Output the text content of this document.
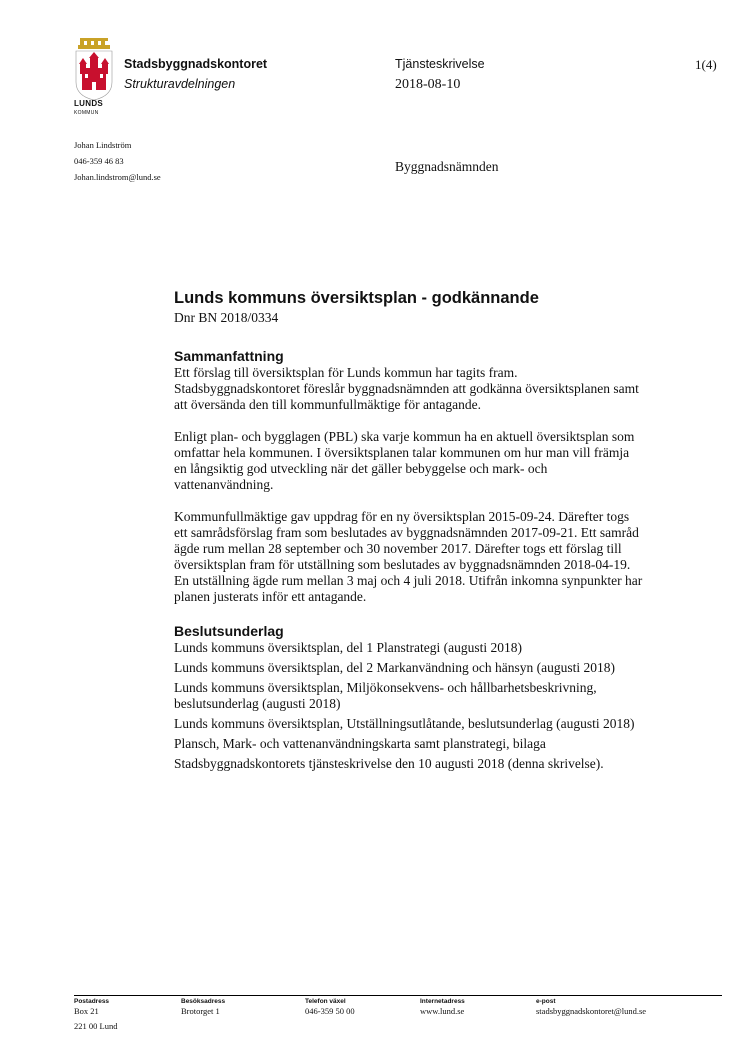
LUNDS
KOMMUN
Stadsbyggnadskontoret
Strukturavdelningen
Tjänsteskrivelse
2018-08-10
1(4)
Johan Lindström
046-359 46 83
Johan.lindstrom@lund.se
Byggnadsnämnden
Lunds kommuns översiktsplan - godkännande

Dnr BN 2018/0334

Sammanfattning

Ett förslag till översiktsplan för Lunds kommun har tagits fram. Stadsbyggnadskontoret föreslår byggnadsnämnden att godkänna översiktsplanen samt att översända den till kommunfullmäktige för antagande.

Enligt plan- och bygglagen (PBL) ska varje kommun ha en aktuell översiktsplan som omfattar hela kommunen. I översiktsplanen talar kommunen om hur man vill främja en långsiktig god utveckling när det gäller bebyggelse och mark- och vattenanvändning.

Kommunfullmäktige gav uppdrag för en ny översiktsplan 2015-09-24. Därefter togs ett samrådsförslag fram som beslutades av byggnadsnämnden 2017-09-21. Ett samråd ägde rum mellan 28 september och 30 november 2017. Därefter togs ett förslag till översiktsplan fram för utställning som beslutades av byggnadsnämnden 2018-04-19. En utställning ägde rum mellan 3 maj och 4 juli 2018. Utifrån inkomna synpunkter har planen justerats inför ett antagande.

Beslutsunderlag

Lunds kommuns översiktsplan, del 1 Planstrategi (augusti 2018)

Lunds kommuns översiktsplan, del 2 Markanvändning och hänsyn (augusti 2018)

Lunds kommuns översiktsplan, Miljökonsekvens- och hållbarhetsbeskrivning, beslutsunderlag (augusti 2018)

Lunds kommuns översiktsplan, Utställningsutlåtande, beslutsunderlag (augusti 2018)

Plansch, Mark- och vattenanvändningskarta samt planstrategi, bilaga

Stadsbyggnadskontorets tjänsteskrivelse den 10 augusti 2018 (denna skrivelse).

Postadress
Box 21
221 00 Lund
Besöksadress
Brotorget 1
Telefon växel
046-359 50 00
Internetadress
www.lund.se
e-post
stadsbyggnadskontoret@lund.se
